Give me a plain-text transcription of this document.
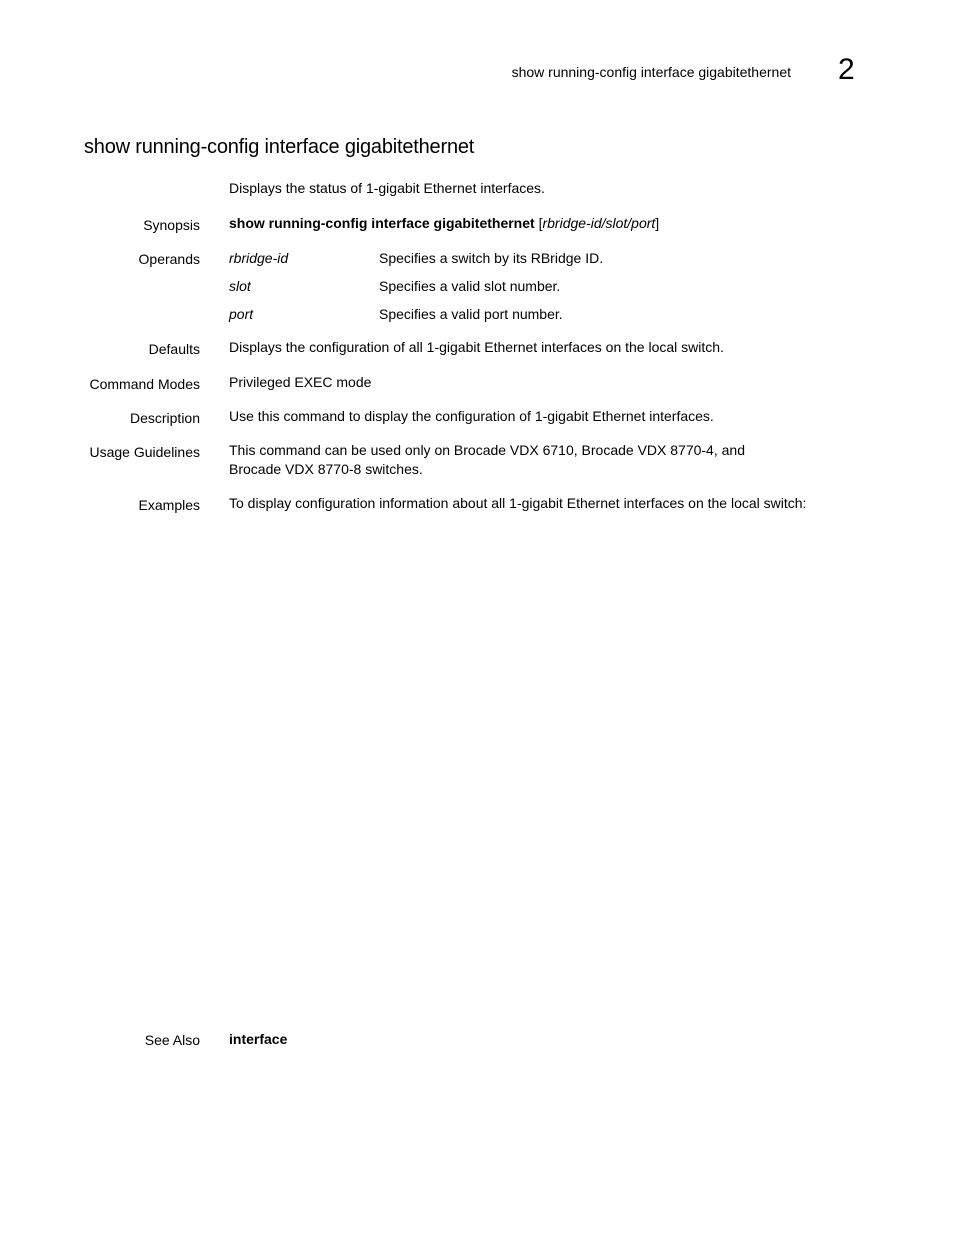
show running-config interface gigabitethernet 2
show running-config interface gigabitethernet
Displays the status of 1-gigabit Ethernet interfaces.
Synopsis show running-config interface gigabitethernet [rbridge-id/slot/port]
Operands rbridge-id	Specifies a switch by its RBridge ID.
slot	Specifies a valid slot number.
port	Specifies a valid port number.
Defaults Displays the configuration of all 1-gigabit Ethernet interfaces on the local switch.
Command Modes Privileged EXEC mode
Description Use this command to display the configuration of 1-gigabit Ethernet interfaces.
Usage Guidelines This command can be used only on Brocade VDX 6710, Brocade VDX 8770-4, and
Brocade VDX 8770-8 switches.
Examples To display configuration information about all 1-gigabit Ethernet interfaces on the local switch:
See Also interface
